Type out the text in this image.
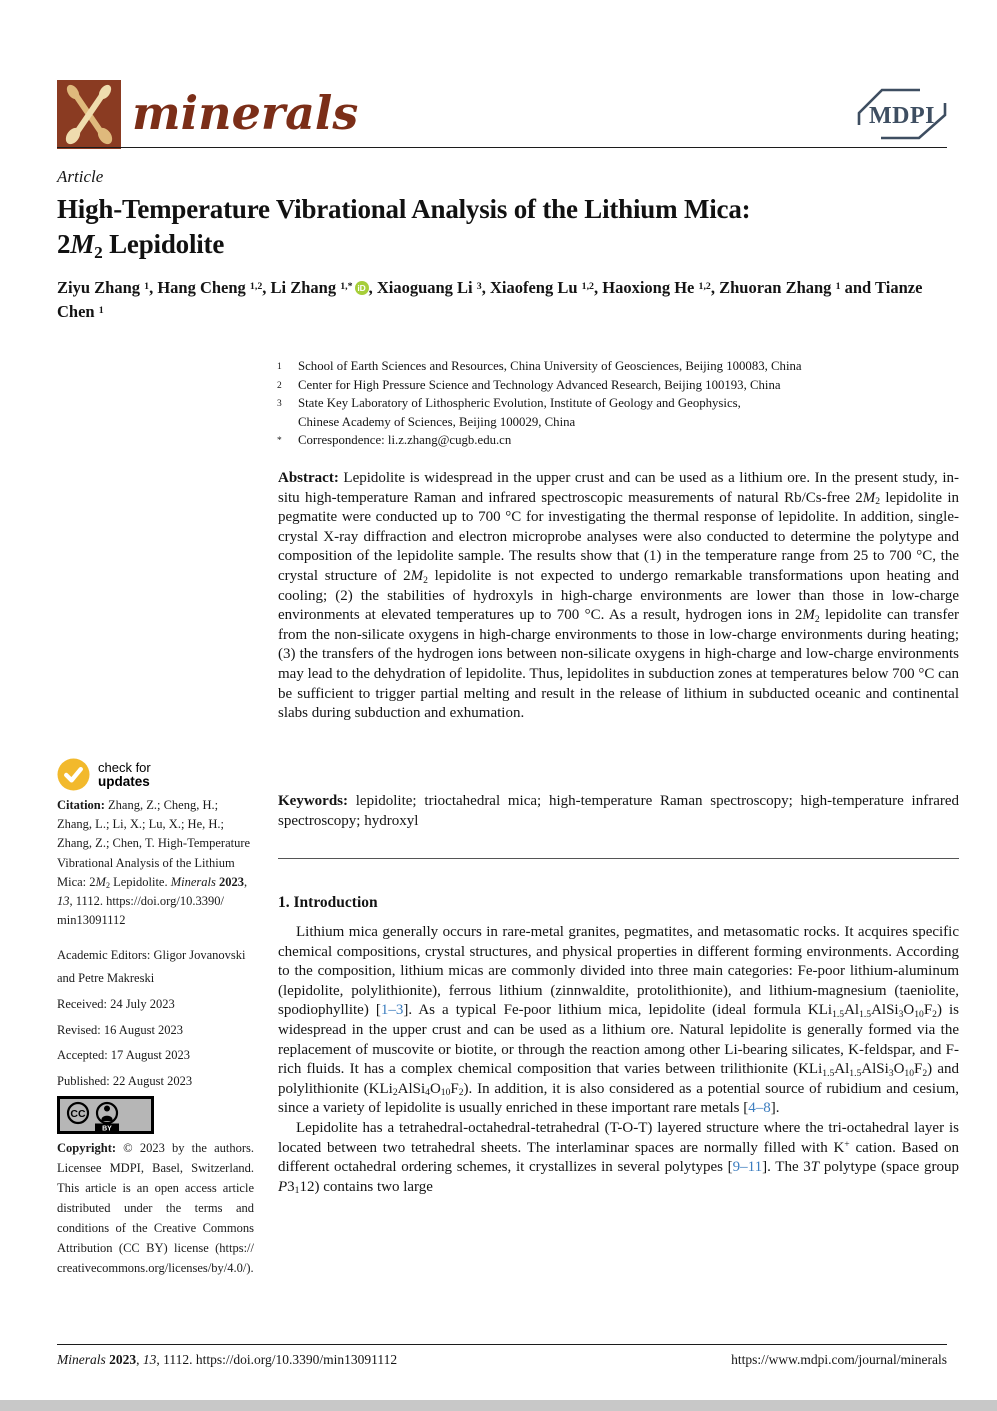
minerals	MDPI
Article
High-Temperature Vibrational Analysis of the Lithium Mica:
$2M_2$ Lepidolite
Ziyu Zhang $^1$, Hang Cheng $^{1,2}$, Li Zhang $^{1,*}$ iD , Xiaoguang Li $^3$, Xiaofeng Lu $^{1,2}$, Haoxiong He $^{1,2}$, Zhuoran Zhang $^1$ and Tianze Chen $^1$
1	School of Earth Sciences and Resources, China University of Geosciences, Beijing 100083, China
2	Center for High Pressure Science and Technology Advanced Research, Beijing 100193, China
3	State Key Laboratory of Lithospheric Evolution, Institute of Geology and Geophysics,
Chinese Academy of Sciences, Beijing 100029, China
*	Correspondence: li.z.zhang@cugb.edu.cn

Abstract: Lepidolite is widespread in the upper crust and can be used as a lithium ore. In the present study, in-situ high-temperature Raman and infrared spectroscopic measurements of natural Rb/Cs-free $2M_2$ lepidolite in pegmatite were conducted up to 700 °C for investigating the thermal response of lepidolite. In addition, single-crystal X-ray diffraction and electron microprobe analyses were also conducted to determine the polytype and composition of the lepidolite sample. The results show that (1) in the temperature range from 25 to 700 °C, the crystal structure of $2M_2$ lepidolite is not expected to undergo remarkable transformations upon heating and cooling; (2) the stabilities of hydroxyls in high-charge environments are lower than those in low-charge environments at elevated temperatures up to 700 °C. As a result, hydrogen ions in $2M_2$ lepidolite can transfer from the non-silicate oxygens in high-charge environments to those in low-charge environments during heating; (3) the transfers of the hydrogen ions between non-silicate oxygens in high-charge and low-charge environments may lead to the dehydration of lepidolite. Thus, lepidolites in subduction zones at temperatures below 700 °C can be sufficient to trigger partial melting and result in the release of lithium in subducted oceanic and continental slabs during subduction and exhumation.

Keywords: lepidolite; trioctahedral mica; high-temperature Raman spectroscopy; high-temperature infrared spectroscopy; hydroxyl

1. Introduction

Lithium mica generally occurs in rare-metal granites, pegmatites, and metasomatic rocks. It acquires specific chemical compositions, crystal structures, and physical properties in different forming environments. According to the composition, lithium micas are commonly divided into three main categories: Fe-poor lithium-aluminum (lepidolite, polylithionite), ferrous lithium (zinnwaldite, protolithionite), and lithium-magnesium (taeniolite, spodiophyllite) [1–3]. As a typical Fe-poor lithium mica, lepidolite (ideal formula $KLi_{1.5}Al_{1.5}AlSi_3O_{10}F_2$) is widespread in the upper crust and can be used as a lithium ore. Natural lepidolite is generally formed via the replacement of muscovite or biotite, or through the reaction among other Li-bearing silicates, K-feldspar, and F-rich fluids. It has a complex chemical composition that varies between trilithionite $(KLi_{1.5}Al_{1.5}AlSi_3O_{10}F_2)$ and polylithionite $(KLi_2AlSi_4O_{10}F_2)$. In addition, it is also considered as a potential source of rubidium and cesium, since a variety of lepidolite is usually enriched in these important rare metals [4–8].

Lepidolite has a tetrahedral-octahedral-tetrahedral (T-O-T) layered structure where the tri-octahedral layer is located between two tetrahedral sheets. The interlaminar spaces are normally filled with K+ cation. Based on different octahedral ordering schemes, it crystallizes in several polytypes [9–11]. The 3T polytype (space group $P3_112$) contains two large

check for
updates
Citation: Zhang, Z.; Cheng, H.; Zhang, L.; Li, X.; Lu, X.; He, H.; Zhang, Z.; Chen, T. High-Temperature Vibrational Analysis of the Lithium Mica: $2M_2$ Lepidolite. Minerals 2023, 13, 1112. https://doi.org/10.3390/min13091112
Academic Editors: Gligor Jovanovski and Petre Makreski
Received: 24 July 2023
Revised: 16 August 2023
Accepted: 17 August 2023
Published: 22 August 2023
CC
BY
Copyright: © 2023 by the authors. Licensee MDPI, Basel, Switzerland. This article is an open access article distributed under the terms and conditions of the Creative Commons Attribution (CC BY) license (https://creativecommons.org/licenses/by/4.0/).
Minerals 2023, 13, 1112. https://doi.org/10.3390/min13091112	https://www.mdpi.com/journal/minerals
